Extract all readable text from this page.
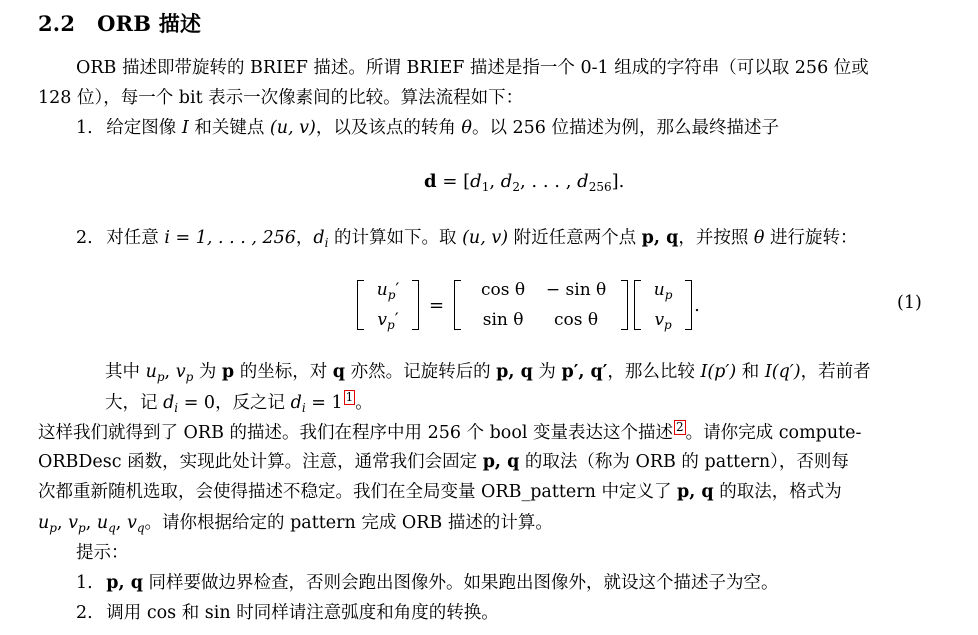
2.2 ORB 描述
ORB 描述即带旋转的 BRIEF 描述。所谓 BRIEF 描述是指一个 0-1 组成的字符串（可以取 256 位或
128 位），每一个 bit 表示一次像素间的比较。算法流程如下：
1. 给定图像 I 和关键点 (u, v)，以及该点的转角 θ。以 256 位描述为例，那么最终描述子
$d = [d_1$, $d_2$, . . . , $d_{256}$].
2. 对任意 i = 1, . . . , 256，$d_i$ 的计算如下。取 (u, v) 附近任意两个点 p, q，并按照 θ 进行旋转：
$u_p'$
$v_p'$
=
cos θ	− sin θ
sin θ	cos θ
$u_p$
$v_p$
.	(1)
其中 $u_p$, $v_p$ 为 p 的坐标，对 q 亦然。记旋转后的 p, q 为 p′, q′，那么比较 I(p′) 和 I(q′)，若前者
大，记 $d_i = 0$，反之记 $d_i = 1$ 1 。
这样我们就得到了 ORB 的描述。我们在程序中用 256 个 bool 变量表达这个描述 2 。请你完成 compute-
ORBDesc 函数，实现此处计算。注意，通常我们会固定 p, q 的取法（称为 ORB 的 pattern），否则每
次都重新随机选取，会使得描述不稳定。我们在全局变量 ORB_pattern 中定义了 p, q 的取法，格式为
$u_p$, $v_p$, $u_q$, $v_q$。请你根据给定的 pattern 完成 ORB 描述的计算。
提示：
1. p, q 同样要做边界检查，否则会跑出图像外。如果跑出图像外，就设这个描述子为空。
2. 调用 cos 和 sin 时同样请注意弧度和角度的转换。
